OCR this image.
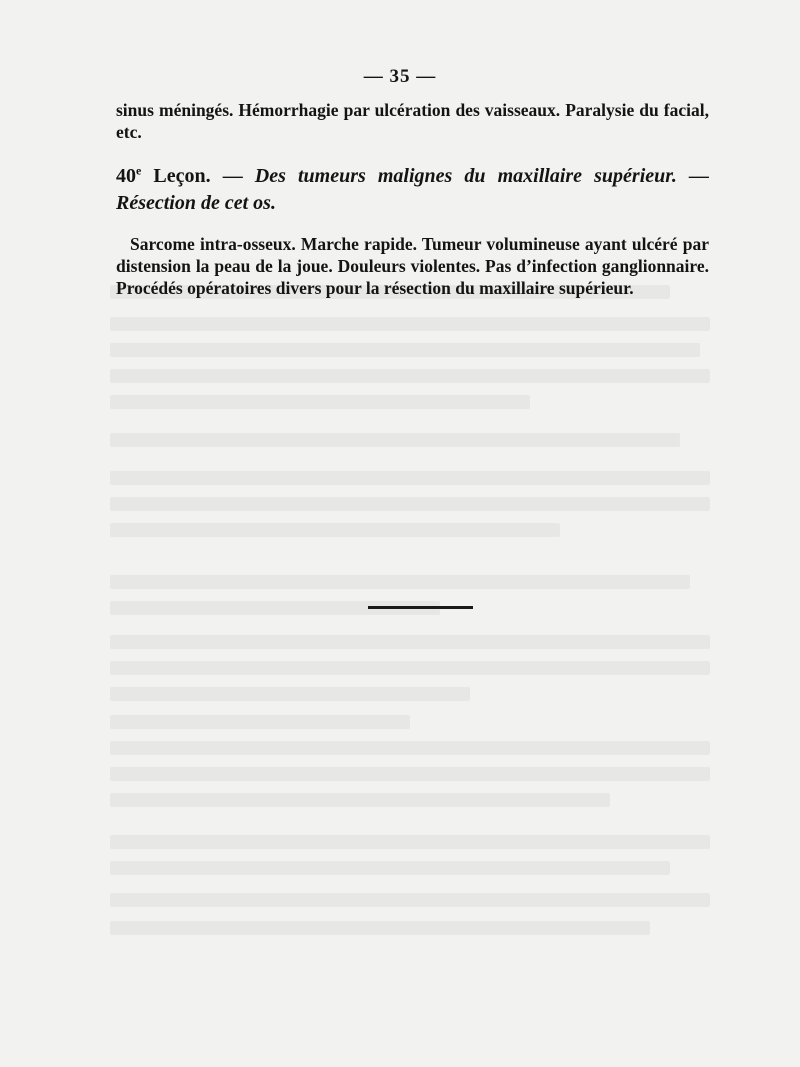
— 35 —

sinus méningés. Hémorrhagie par ulcération des vaisseaux. Paralysie du facial, etc.

40e Leçon. — Des tumeurs malignes du maxillaire supérieur. — Résection de cet os.

Sarcome intra-osseux. Marche rapide. Tumeur volumineuse ayant ulcéré par distension la peau de la joue. Douleurs violentes. Pas d’infection ganglionnaire. Procédés opératoires divers pour la résection du maxillaire supérieur.
